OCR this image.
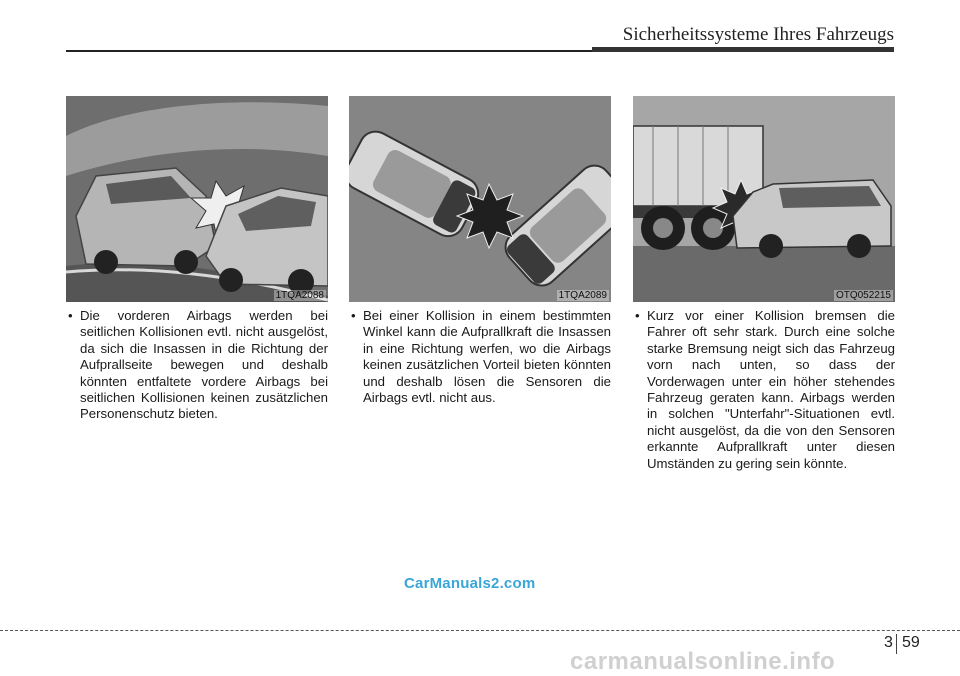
Sicherheitssysteme Ihres Fahrzeugs
1TQA2088	1TQA2089	OTQ052215
• Die vorderen Airbags werden bei seitlichen Kollisionen evtl. nicht ausgelöst, da sich die Insassen in die Richtung der Aufprallseite bewegen und deshalb könnten entfaltete vordere Airbags bei seitlichen Kollisionen keinen zusätzlichen Personenschutz bieten.
• Bei einer Kollision in einem bestimmten Winkel kann die Aufprallkraft die Insassen in eine Richtung werfen, wo die Airbags keinen zusätzlichen Vorteil bieten könnten und deshalb lösen die Sensoren die Airbags evtl. nicht aus.
• Kurz vor einer Kollision bremsen die Fahrer oft sehr stark. Durch eine solche starke Bremsung neigt sich das Fahrzeug vorn nach unten, so dass der Vorderwagen unter ein höher stehendes Fahrzeug geraten kann. Airbags werden in solchen "Unterfahr"-Situationen evtl. nicht ausgelöst, da die von den Sensoren erkannte Aufprallkraft unter diesen Umständen zu gering sein könnte.
CarManuals2.com
3 59
carmanualsonline.info
